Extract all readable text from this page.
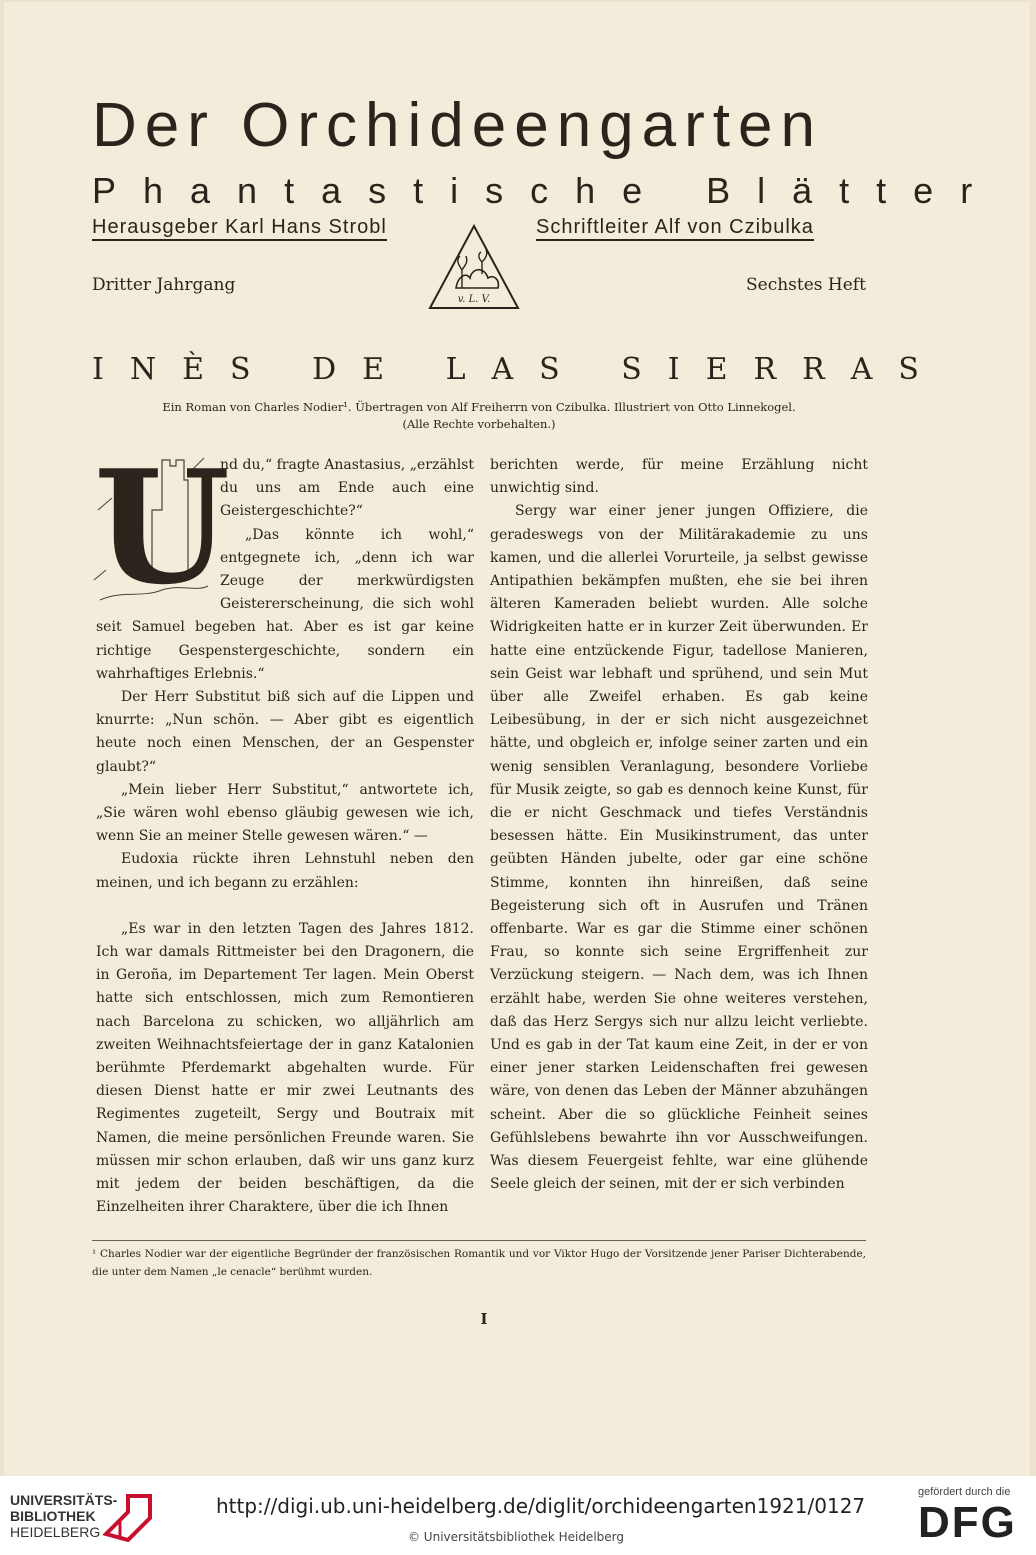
Der Orchideengarten
Phantastische Blätter
Herausgeber Karl Hans Strobl	Schriftleiter Alf von Czibulka
v. L. V.
Dritter Jahrgang	Sechstes Heft
INÈS DE LAS SIERRAS
Ein Roman von Charles Nodier¹. Übertragen von Alf Freiherrn von Czibulka. Illustriert von Otto Linnekogel.
(Alle Rechte vorbehalten.)
U

nd du,“ fragte Anastasius, „erzählst du uns am Ende auch eine Geistergeschichte?“

„Das könnte ich wohl,“ entgegnete ich, „denn ich war Zeuge der merkwürdigsten Geistererscheinung, die sich wohl seit Samuel begeben hat. Aber es ist gar keine richtige Gespenstergeschichte, sondern ein wahrhaftiges Erlebnis.“

Der Herr Substitut biß sich auf die Lippen und knurrte: „Nun schön. — Aber gibt es eigentlich heute noch einen Menschen, der an Gespenster glaubt?“

„Mein lieber Herr Substitut,“ antwortete ich, „Sie wären wohl ebenso gläubig gewesen wie ich, wenn Sie an meiner Stelle gewesen wären.“ —

Eudoxia rückte ihren Lehnstuhl neben den meinen, und ich begann zu erzählen:

„Es war in den letzten Tagen des Jahres 1812. Ich war damals Rittmeister bei den Dragonern, die in Geroña, im Departement Ter lagen. Mein Oberst hatte sich entschlossen, mich zum Remontieren nach Barcelona zu schicken, wo alljährlich am zweiten Weihnachtsfeiertage der in ganz Katalonien berühmte Pferdemarkt abgehalten wurde. Für diesen Dienst hatte er mir zwei Leutnants des Regimentes zugeteilt, Sergy und Boutraix mit Namen, die meine persönlichen Freunde waren. Sie müssen mir schon erlauben, daß wir uns ganz kurz mit jedem der beiden beschäftigen, da die Einzelheiten ihrer Charaktere, über die ich Ihnen

berichten werde, für meine Erzählung nicht unwichtig sind.

Sergy war einer jener jungen Offiziere, die geradeswegs von der Militärakademie zu uns kamen, und die allerlei Vorurteile, ja selbst gewisse Antipathien bekämpfen mußten, ehe sie bei ihren älteren Kameraden beliebt wurden. Alle solche Widrigkeiten hatte er in kurzer Zeit überwunden. Er hatte eine entzückende Figur, tadellose Manieren, sein Geist war lebhaft und sprühend, und sein Mut über alle Zweifel erhaben. Es gab keine Leibesübung, in der er sich nicht ausgezeichnet hätte, und obgleich er, infolge seiner zarten und ein wenig sensiblen Veranlagung, besondere Vorliebe für Musik zeigte, so gab es dennoch keine Kunst, für die er nicht Geschmack und tiefes Verständnis besessen hätte. Ein Musikinstrument, das unter geübten Händen jubelte, oder gar eine schöne Stimme, konnten ihn hinreißen, daß seine Begeisterung sich oft in Ausrufen und Tränen offenbarte. War es gar die Stimme einer schönen Frau, so konnte sich seine Ergriffenheit zur Verzückung steigern. — Nach dem, was ich Ihnen erzählt habe, werden Sie ohne weiteres verstehen, daß das Herz Sergys sich nur allzu leicht verliebte. Und es gab in der Tat kaum eine Zeit, in der er von einer jener starken Leidenschaften frei gewesen wäre, von denen das Leben der Männer abzuhängen scheint. Aber die so glückliche Feinheit seines Gefühlslebens bewahrte ihn vor Ausschweifungen. Was diesem Feuergeist fehlte, war eine glühende Seele gleich der seinen, mit der er sich verbinden

¹ Charles Nodier war der eigentliche Begründer der französischen Romantik und vor Viktor Hugo der Vorsitzende jener Pariser Dichterabende, die unter dem Namen „le cenacle“ berühmt wurden.
I
UNIVERSITÄTS-
BIBLIOTHEK
HEIDELBERG
http://digi.ub.uni-heidelberg.de/diglit/orchideengarten1921/0127
© Universitätsbibliothek Heidelberg
gefördert durch die
DFG
